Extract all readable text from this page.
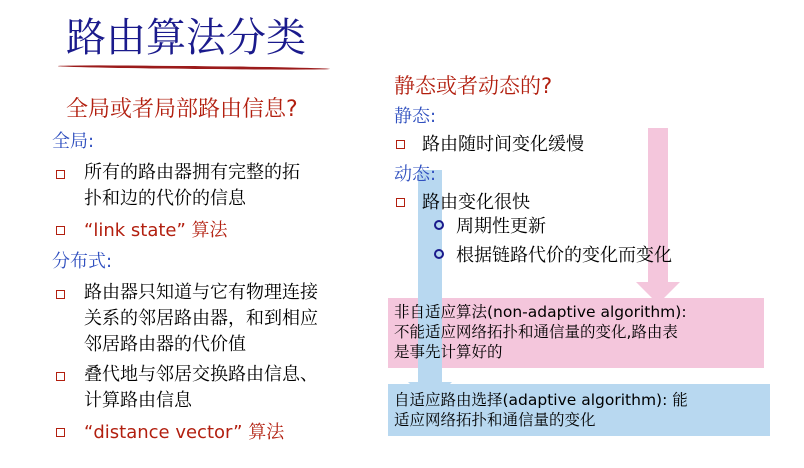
路由算法分类
全局或者局部路由信息?
全局:
所有的路由器拥有完整的拓
扑和边的代价的信息
“link state” 算法
分布式:
路由器只知道与它有物理连接
关系的邻居路由器，和到相应
邻居路由器的代价值
叠代地与邻居交换路由信息、
计算路由信息
“distance vector” 算法
静态或者动态的?
静态:
路由随时间变化缓慢
动态:
路由变化很快
周期性更新
根据链路代价的变化而变化
非自适应算法(non-adaptive algorithm):
不能适应网络拓扑和通信量的变化,路由表
是事先计算好的
自适应路由选择(adaptive algorithm): 能
适应网络拓扑和通信量的变化
